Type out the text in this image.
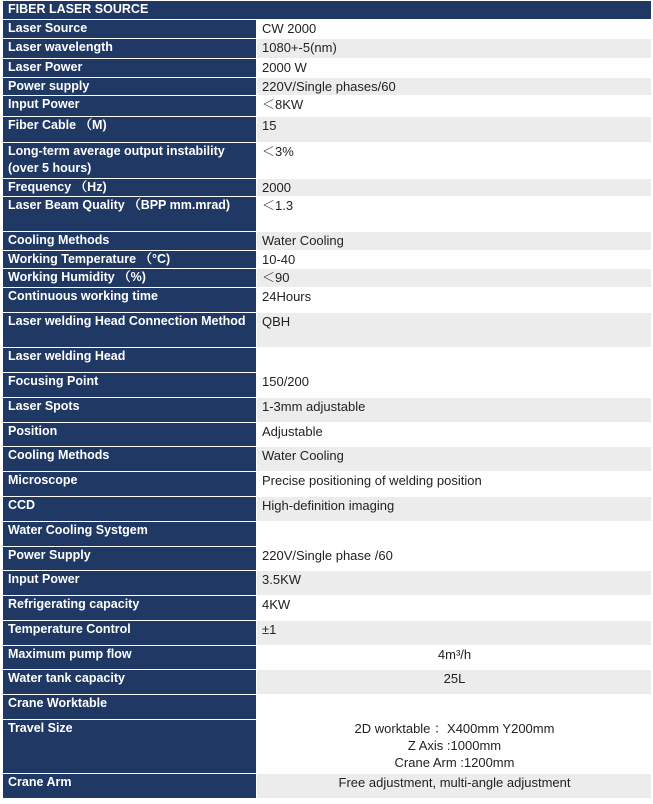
FIBER LASER SOURCE	
Laser Source	CW 2000
Laser wavelength	1080+-5(nm)
Laser Power	2000 W
Power supply	220V/Single phases/60
Input Power	＜8KW
Fiber Cable （M)	15
Long-term average output instability (over 5 hours)	＜3%
Frequency （Hz)	2000
Laser Beam Quality （BPP mm.mrad)	＜1.3
Cooling Methods	Water Cooling
Working Temperature （°C)	10-40
Working Humidity （%)	＜90
Continuous working time	24Hours
Laser welding Head Connection Method	QBH
Laser welding Head	
Focusing Point	150/200
Laser Spots	1-3mm adjustable
Position	Adjustable
Cooling Methods	Water Cooling
Microscope	Precise positioning of welding position
CCD	High-definition imaging
Water Cooling Systgem	
Power Supply	220V/Single phase /60
Input Power	3.5KW
Refrigerating capacity	4KW
Temperature Control	±1
Maximum pump flow	4m³/h
Water tank capacity	25L
Crane Worktable	
Travel Size	2D worktable ：X400mm Y200mm
Z Axis :1000mm
Crane Arm :1200mm

Crane Arm	Free adjustment, multi-angle adjustment
